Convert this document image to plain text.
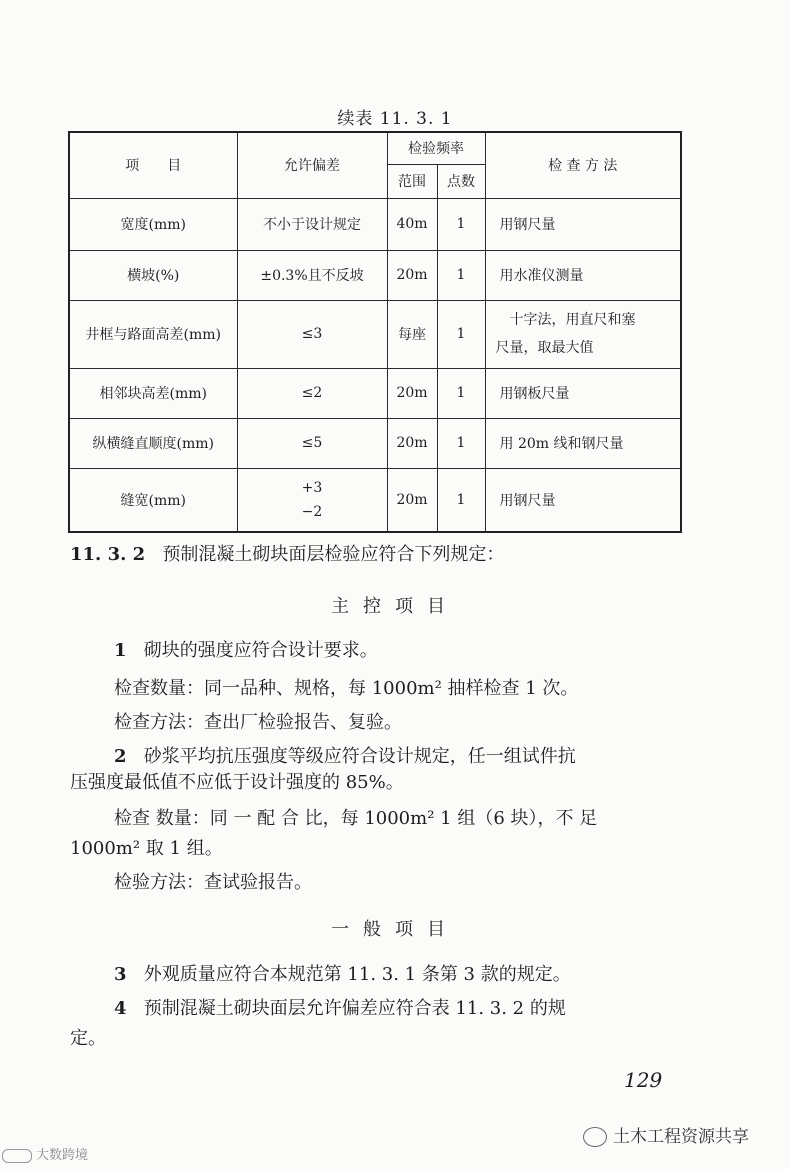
续表 11. 3. 1
项　　目	允许偏差	检验频率		检 查 方 法
		范围	点数	
宽度(mm)	不小于设计规定	40m	1	用钢尺量
横坡(%)	±0.3%且不反坡	20m	1	用水准仪测量
井框与路面高差(mm)	≤3	每座	1	十字法，用直尺和塞
尺量，取最大值

相邻块高差(mm)	≤2	20m	1	用钢板尺量
纵横缝直顺度(mm)	≤5	20m	1	用 20m 线和钢尺量
缝宽(mm)	+3
−2	20m	1	用钢尺量
11. 3. 2 预制混凝土砌块面层检验应符合下列规定：
主控项目
1 砌块的强度应符合设计要求。
检查数量：同一品种、规格，每 1000m² 抽样检查 1 次。
检查方法：查出厂检验报告、复验。
2 砂浆平均抗压强度等级应符合设计规定，任一组试件抗
压强度最低值不应低于设计强度的 85%。
检查 数量：同 一 配 合 比，每 1000m² 1 组（6 块），不 足
1000m² 取 1 组。
检验方法：查试验报告。
一般项目
3 外观质量应符合本规范第 11. 3. 1 条第 3 款的规定。
4 预制混凝土砌块面层允许偏差应符合表 11. 3. 2 的规
定。
129
土木工程资源共享
大数跨境
